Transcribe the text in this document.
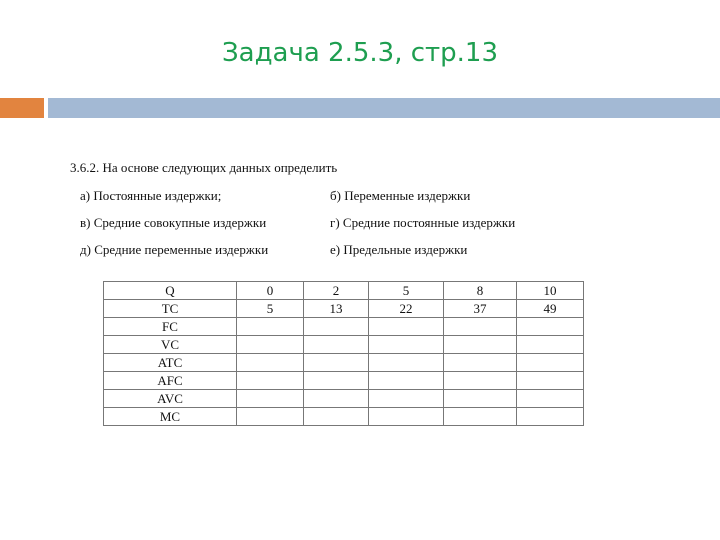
Задача 2.5.3, стр.13
3.6.2. На основе следующих данных определить
а) Постоянные издержки;	б) Переменные издержки
в) Средние совокупные издержки	г) Средние постоянные издержки
д) Средние переменные издержки	е) Предельные издержки
Q	0	2	5	8	10
TC	5	13	22	37	49
FC					
VC					
ATC					
AFC					
AVC					
MC					
